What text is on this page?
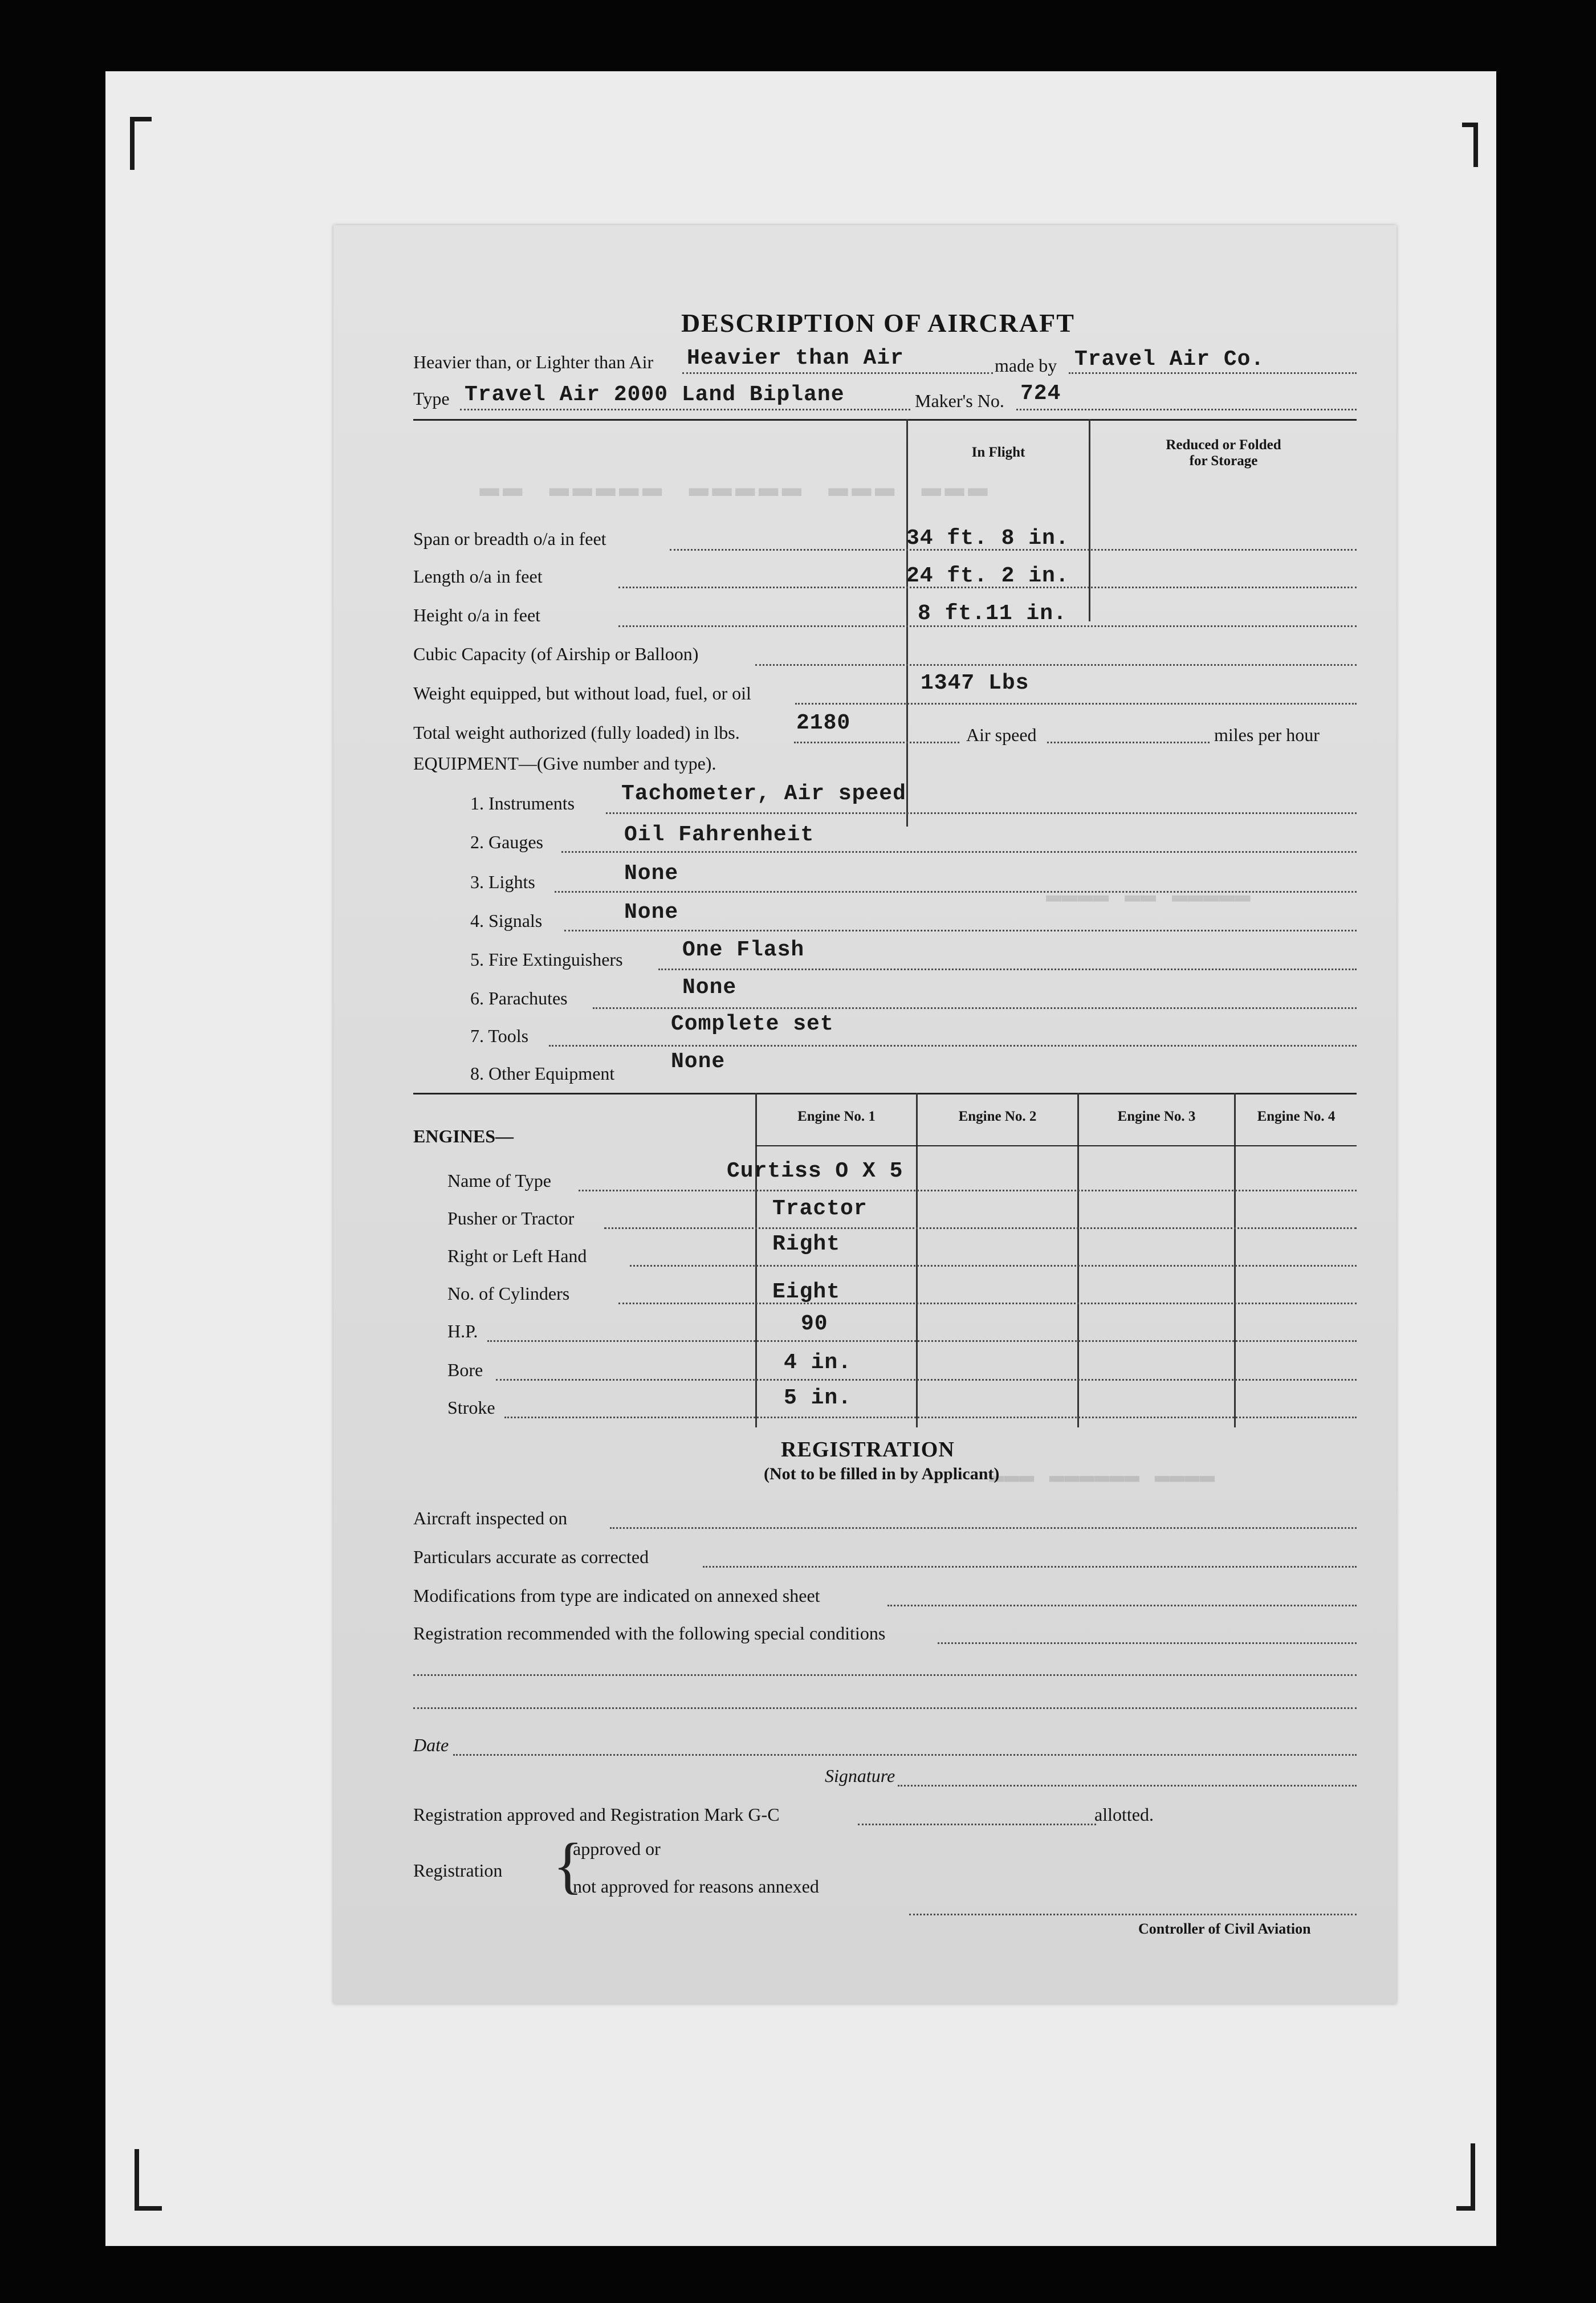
▬▬▬ ▬▬▬ ▬▬▬▬▬ ▬▬▬▬▬ ▬▬
▬▬▬▬▬ ▬▬ ▬▬▬▬
▬▬▬▬ ▬▬▬▬▬▬ ▬▬▬
DESCRIPTION OF AIRCRAFT
Heavier than, or Lighter than Air Heavier than Air	made by Travel Air Co.
Type Travel Air 2000 Land Biplane	Maker's No. 724
In Flight	Reduced or Folded
for Storage
Span or breadth o/a in feet	34 ft. 8 in.
Length o/a in feet	24 ft. 2 in.
Height o/a in feet	8 ft.11 in.
Cubic Capacity (of Airship or Balloon)
Weight equipped, but without load, fuel, or oil	1347 Lbs
Total weight authorized (fully loaded) in lbs.	2180	Air speed	miles per hour
EQUIPMENT—(Give number and type).
1. Instruments Tachometer, Air speed
2. Gauges	Oil Fahrenheit
3. Lights	None
4. Signals	None
5. Fire Extinguishers	One Flash
6. Parachutes	None
7. Tools	Complete set
8. Other Equipment	None
Engine No. 1	Engine No. 2	Engine No. 3	Engine No. 4
ENGINES—
Name of Type	Curtiss O X 5
Pusher or Tractor	Tractor
Right or Left Hand	Right
No. of Cylinders	Eight
H.P.	90
Bore	4 in.
Stroke	5 in.
REGISTRATION
(Not to be filled in by Applicant)
Aircraft inspected on
Particulars accurate as corrected
Modifications from type are indicated on annexed sheet
Registration recommended with the following special conditions
Date
Signature
Registration approved and Registration Mark G-C	allotted.
Registration {
approved or
not approved for reasons annexed
Controller of Civil Aviation
